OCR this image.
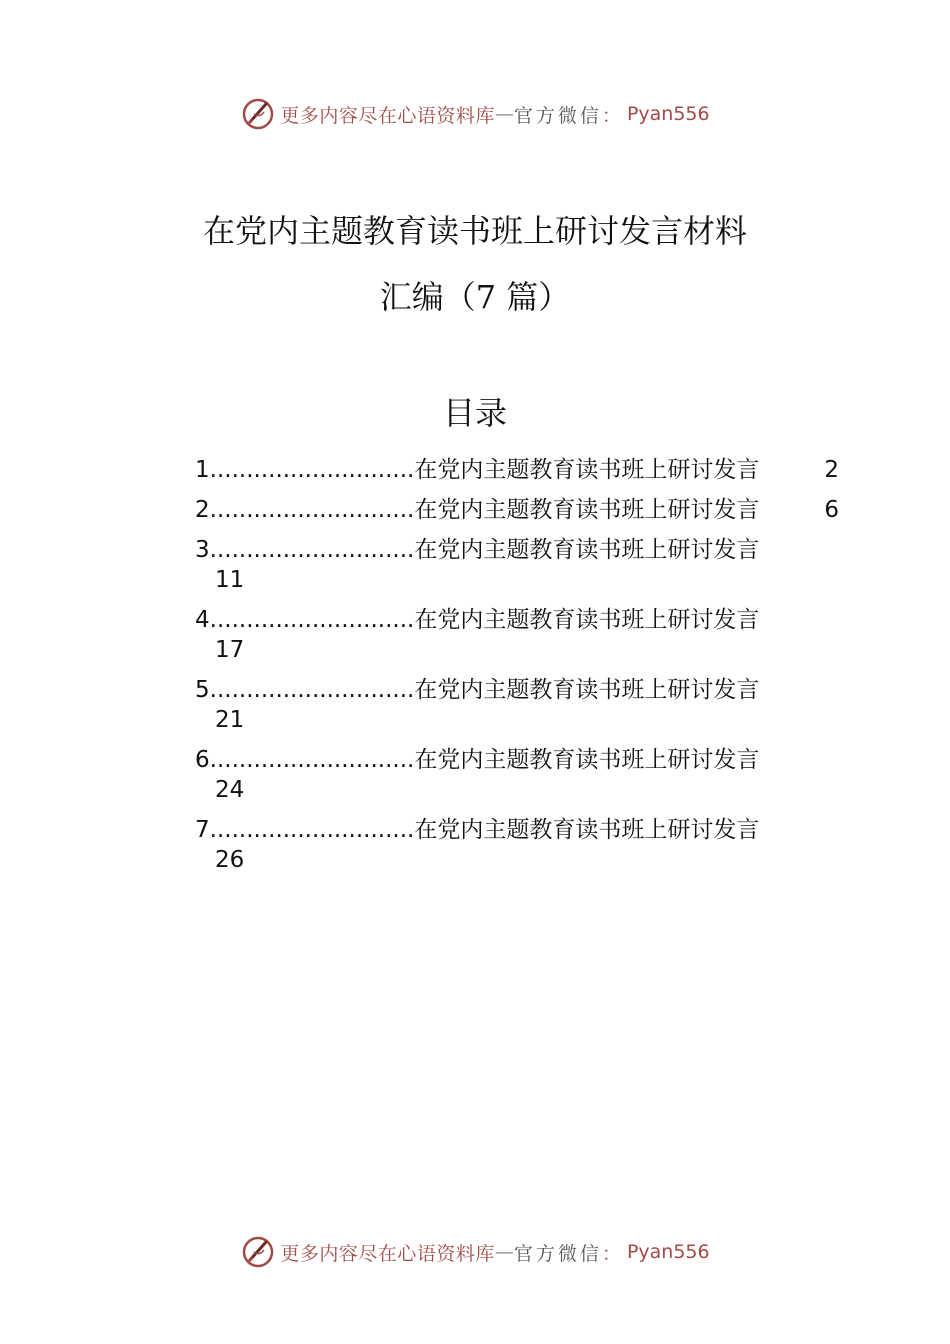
更多内容尽在心语资料库 — 官方微信 ： Pyan556
在党内主题教育读书班上研讨发言材料
汇编（7 篇）
目录
1 ............................ 在党内主题教育读书班上研讨发言	2
2 ............................ 在党内主题教育读书班上研讨发言	6
3 ............................ 在党内主题教育读书班上研讨发言
11
4 ............................ 在党内主题教育读书班上研讨发言
17
5 ............................ 在党内主题教育读书班上研讨发言
21
6 ............................ 在党内主题教育读书班上研讨发言
24
7 ............................ 在党内主题教育读书班上研讨发言
26
更多内容尽在心语资料库 — 官方微信 ： Pyan556
